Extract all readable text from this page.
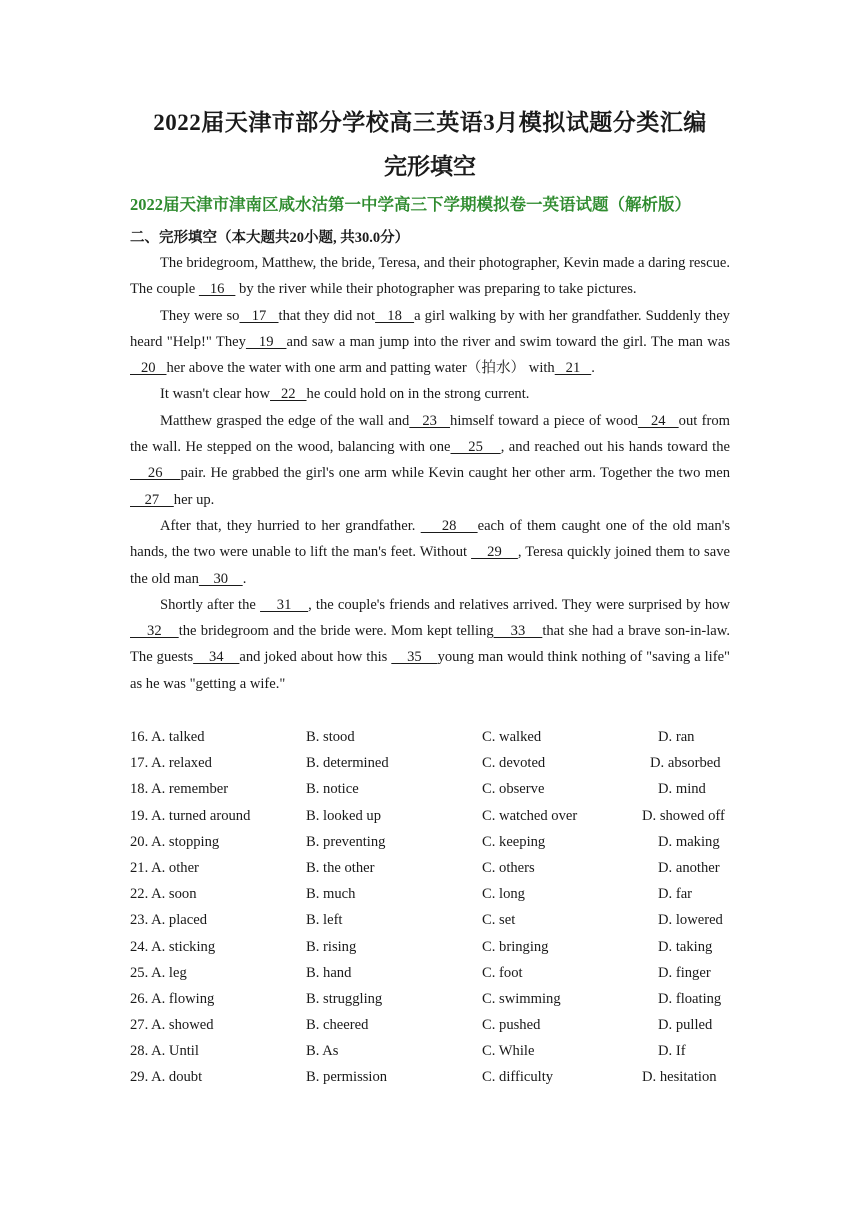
2022届天津市部分学校高三英语3月模拟试题分类汇编
完形填空
2022届天津市津南区咸水沽第一中学高三下学期模拟卷一英语试题（解析版）
二、完形填空（本大题共20小题, 共30.0分）

The bridegroom, Matthew, the bride, Teresa, and their photographer, Kevin made a daring rescue. The couple    16    by the river while their photographer was preparing to take pictures.

They were so   17   that they did not   18   a girl walking by with her grandfather. Suddenly they heard "Help!" They   19   and saw a man jump into the river and swim toward the girl. The man was   20   her above the water with one arm and patting water（拍水） with   21   .

It wasn't clear how   22   he could hold on in the strong current.

Matthew grasped the edge of the wall and   23   himself toward a piece of wood   24   out from the wall. He stepped on the wood, balancing with one    25    , and reached out his hands toward the     26    pair. He grabbed the girl's one arm while Kevin caught her other arm. Together the two men    27    her up.

After that, they hurried to her grandfather.     28    each of them caught one of the old man's hands, the two were unable to lift the man's feet. Without     29    , Teresa quickly joined them to save the old man    30    .

Shortly after the     31    , the couple's friends and relatives arrived. They were surprised by how    32    the bridegroom and the bride were. Mom kept telling    33    that she had a brave son-in-law. The guests    34    and joked about how this     35    young man would think nothing of "saving a life" as he was "getting a wife."

16. A. talked	B. stood	C. walked	D. ran
17. A. relaxed	B. determined	C. devoted	D. absorbed
18. A. remember	B. notice	C. observe	D. mind
19. A. turned around	B. looked up	C. watched over	D. showed off
20. A. stopping	B. preventing	C. keeping	D. making
21. A. other	B. the other	C. others	D. another
22. A. soon	B. much	C. long	D. far
23. A. placed	B. left	C. set	D. lowered
24. A. sticking	B. rising	C. bringing	D. taking
25. A. leg	B. hand	C. foot	D. finger
26. A. flowing	B. struggling	C. swimming	D. floating
27. A. showed	B. cheered	C. pushed	D. pulled
28. A. Until	B. As	C. While	D. If
29. A. doubt	B. permission	C. difficulty	D. hesitation
